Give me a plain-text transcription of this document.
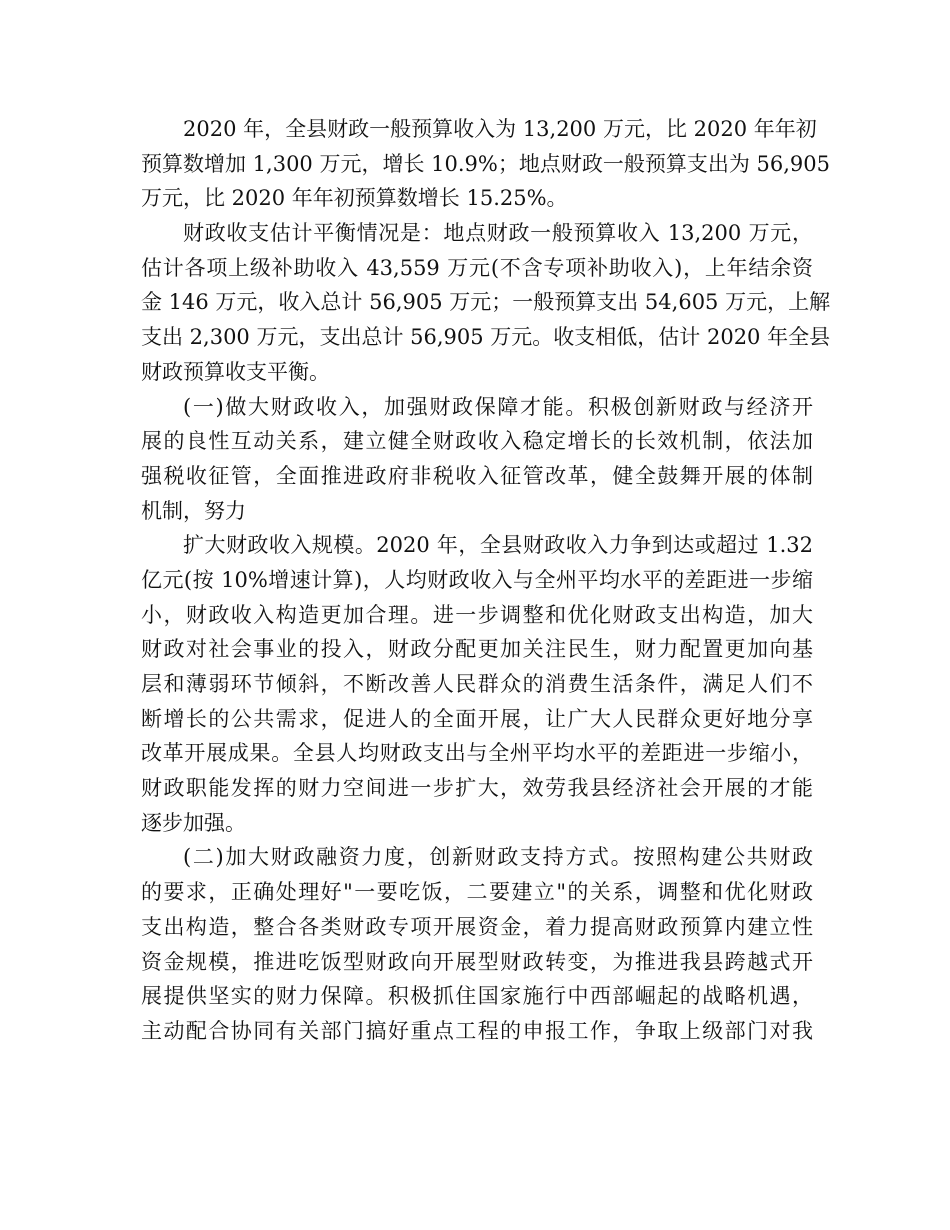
2020 年，全县财政一般预算收入为 13,200 万元，比 2020 年年初
预算数增加 1,300 万元，增长 10.9%；地点财政一般预算支出为 56,905
万元，比 2020 年年初预算数增长 15.25%。
财政收支估计平衡情况是：地点财政一般预算收入 13,200 万元，
估计各项上级补助收入 43,559 万元(不含专项补助收入)，上年结余资
金 146 万元，收入总计 56,905 万元；一般预算支出 54,605 万元，上解
支出 2,300 万元，支出总计 56,905 万元。收支相低，估计 2020 年全县
财政预算收支平衡。
(一)做大财政收入，加强财政保障才能。积极创新财政与经济开
展的良性互动关系，建立健全财政收入稳定增长的长效机制，依法加
强税收征管，全面推进政府非税收入征管改革，健全鼓舞开展的体制
机制，努力
扩大财政收入规模。2020 年，全县财政收入力争到达或超过 1.32
亿元(按 10%增速计算)，人均财政收入与全州平均水平的差距进一步缩
小，财政收入构造更加合理。进一步调整和优化财政支出构造，加大
财政对社会事业的投入，财政分配更加关注民生，财力配置更加向基
层和薄弱环节倾斜，不断改善人民群众的消费生活条件，满足人们不
断增长的公共需求，促进人的全面开展，让广大人民群众更好地分享
改革开展成果。全县人均财政支出与全州平均水平的差距进一步缩小，
财政职能发挥的财力空间进一步扩大，效劳我县经济社会开展的才能
逐步加强。
(二)加大财政融资力度，创新财政支持方式。按照构建公共财政
的要求，正确处理好"一要吃饭，二要建立"的关系，调整和优化财政
支出构造，整合各类财政专项开展资金，着力提高财政预算内建立性
资金规模，推进吃饭型财政向开展型财政转变，为推进我县跨越式开
展提供坚实的财力保障。积极抓住国家施行中西部崛起的战略机遇，
主动配合协同有关部门搞好重点工程的申报工作，争取上级部门对我
